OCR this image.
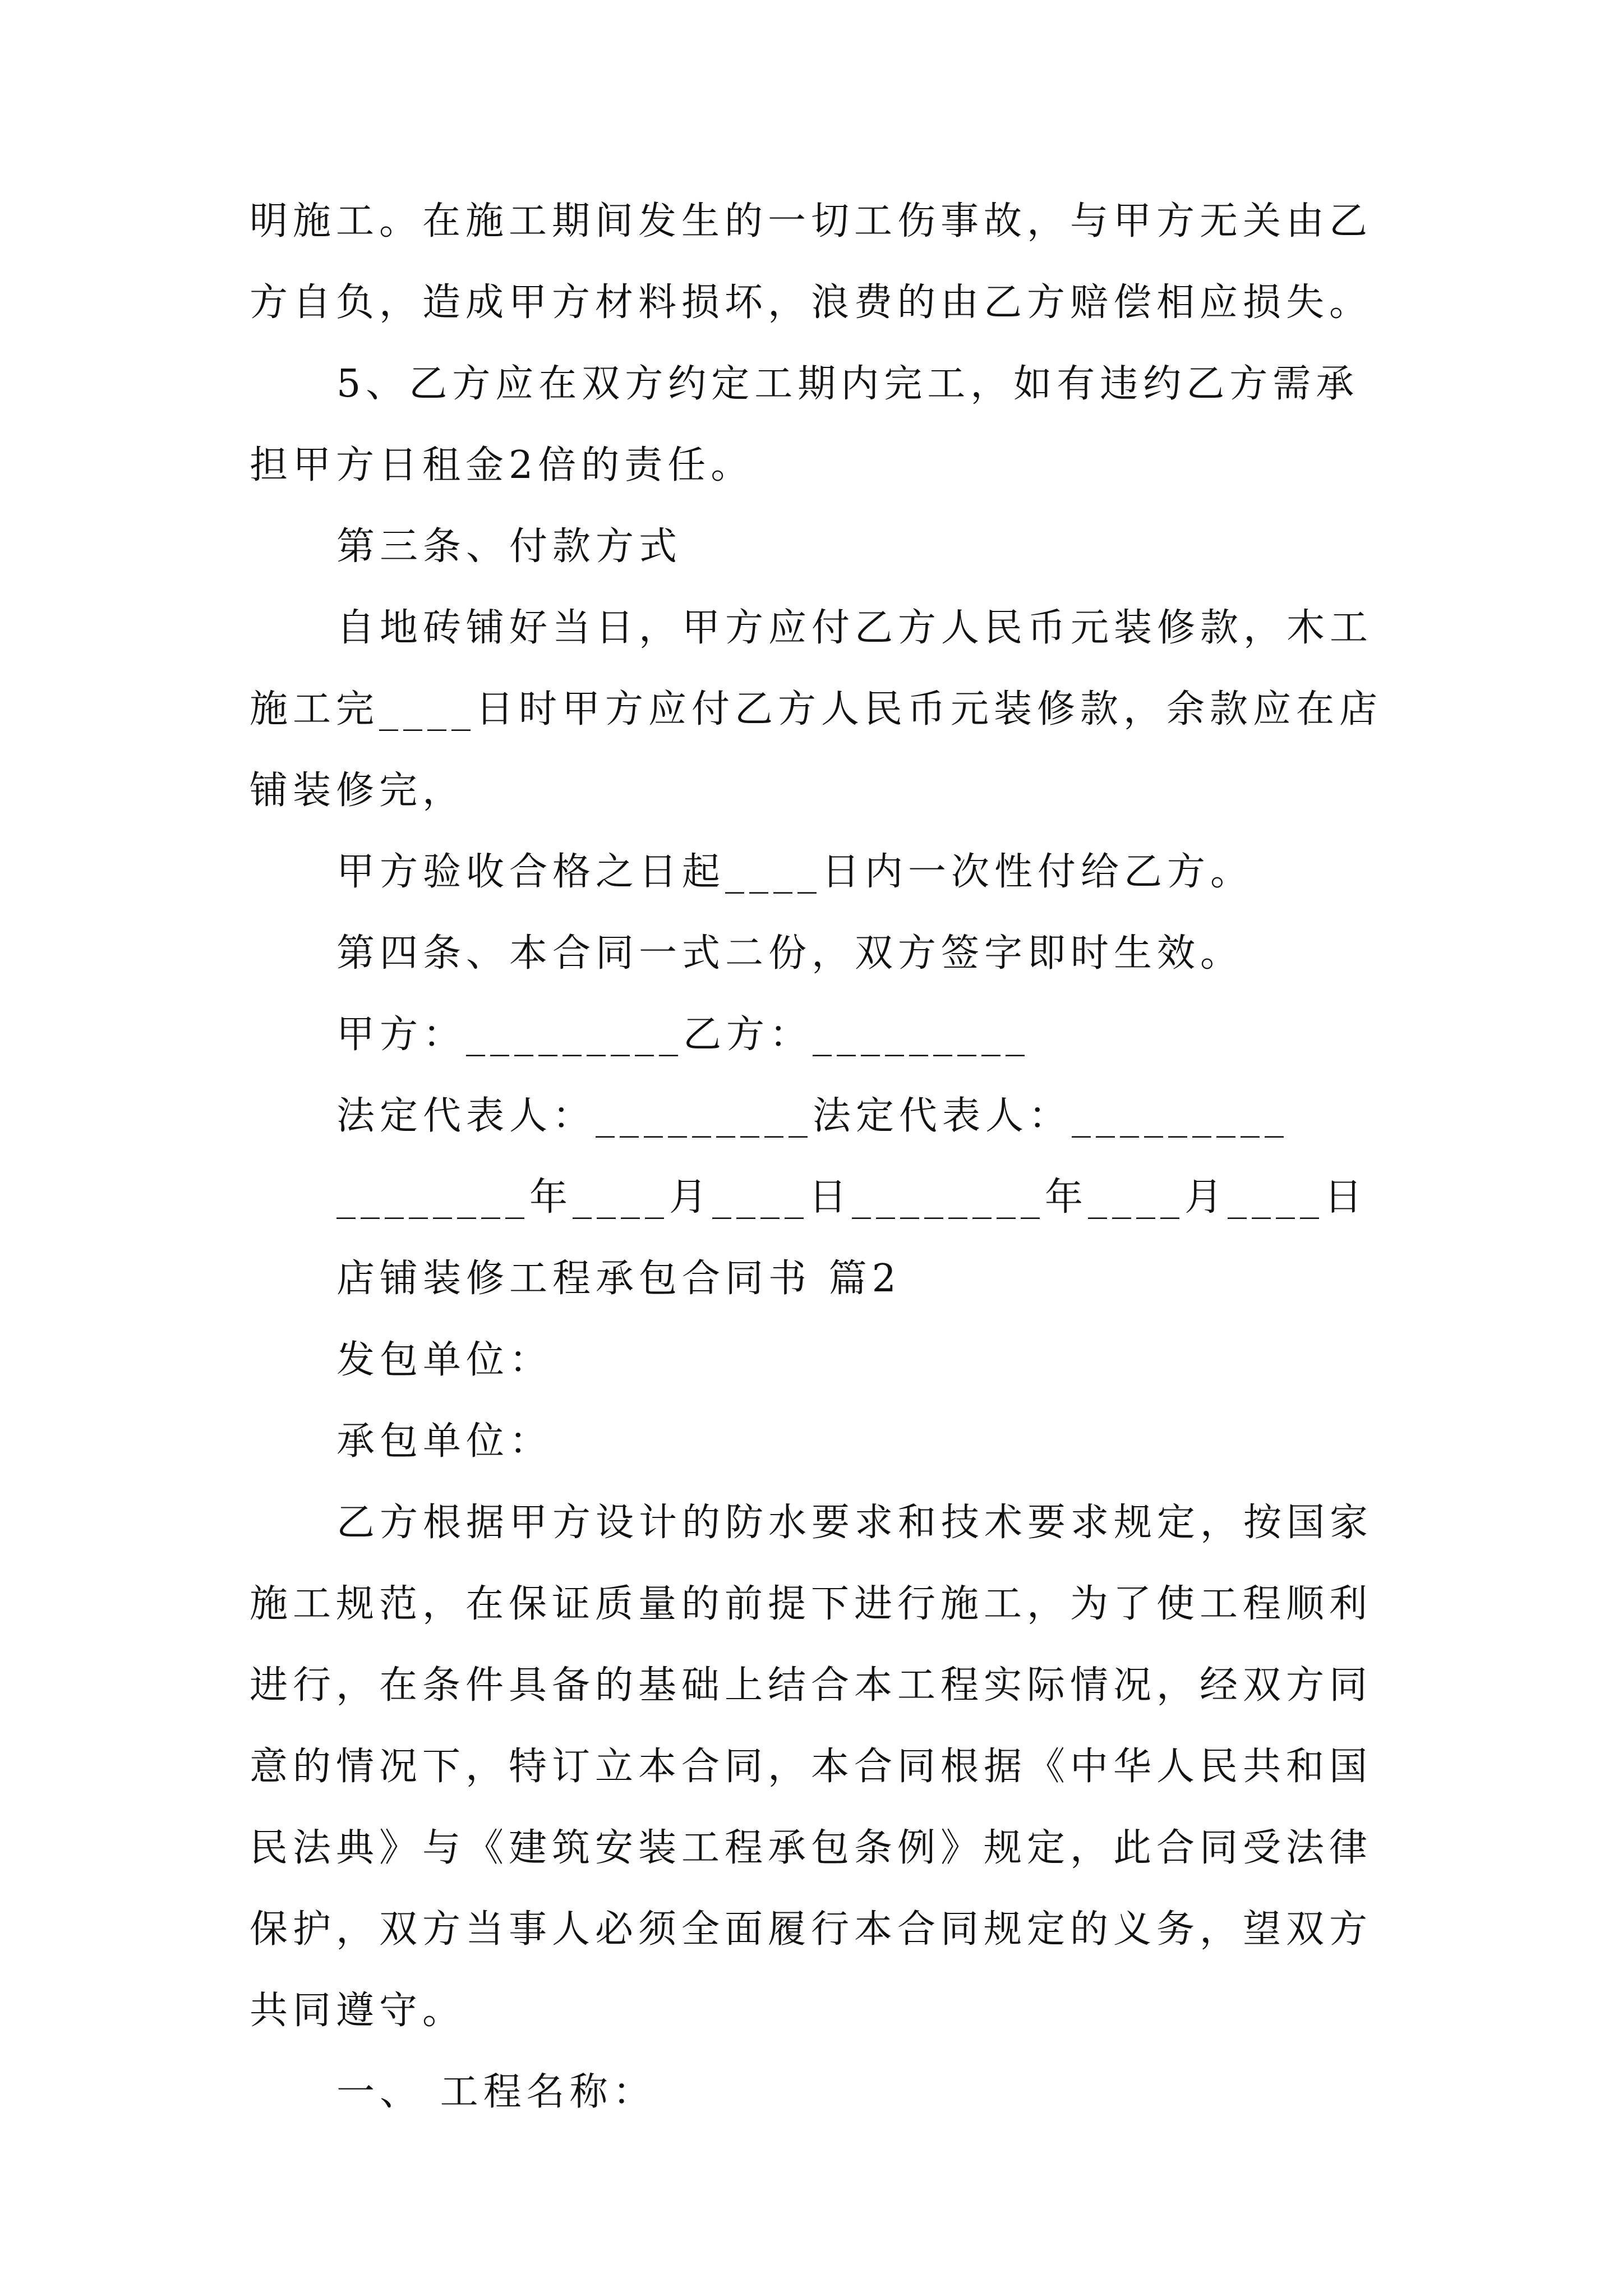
明施工。在施工期间发生的一切工伤事故，与甲方无关由乙
方自负，造成甲方材料损坏，浪费的由乙方赔偿相应损失。
5、乙方应在双方约定工期内完工，如有违约乙方需承
担甲方日租金2倍的责任。
第三条、付款方式
自地砖铺好当日，甲方应付乙方人民币元装修款，木工
施工完____日时甲方应付乙方人民币元装修款，余款应在店
铺装修完，
甲方验收合格之日起____日内一次性付给乙方。
第四条、本合同一式二份，双方签字即时生效。
甲方：_________乙方：_________
法定代表人：_________法定代表人：_________
________年____月____日________年____月____日
店铺装修工程承包合同书 篇2
发包单位：
承包单位：
乙方根据甲方设计的防水要求和技术要求规定，按国家
施工规范，在保证质量的前提下进行施工，为了使工程顺利
进行，在条件具备的基础上结合本工程实际情况，经双方同
意的情况下，特订立本合同，本合同根据《中华人民共和国
民法典》与《建筑安装工程承包条例》规定，此合同受法律
保护，双方当事人必须全面履行本合同规定的义务，望双方
共同遵守。
一、 工程名称：
